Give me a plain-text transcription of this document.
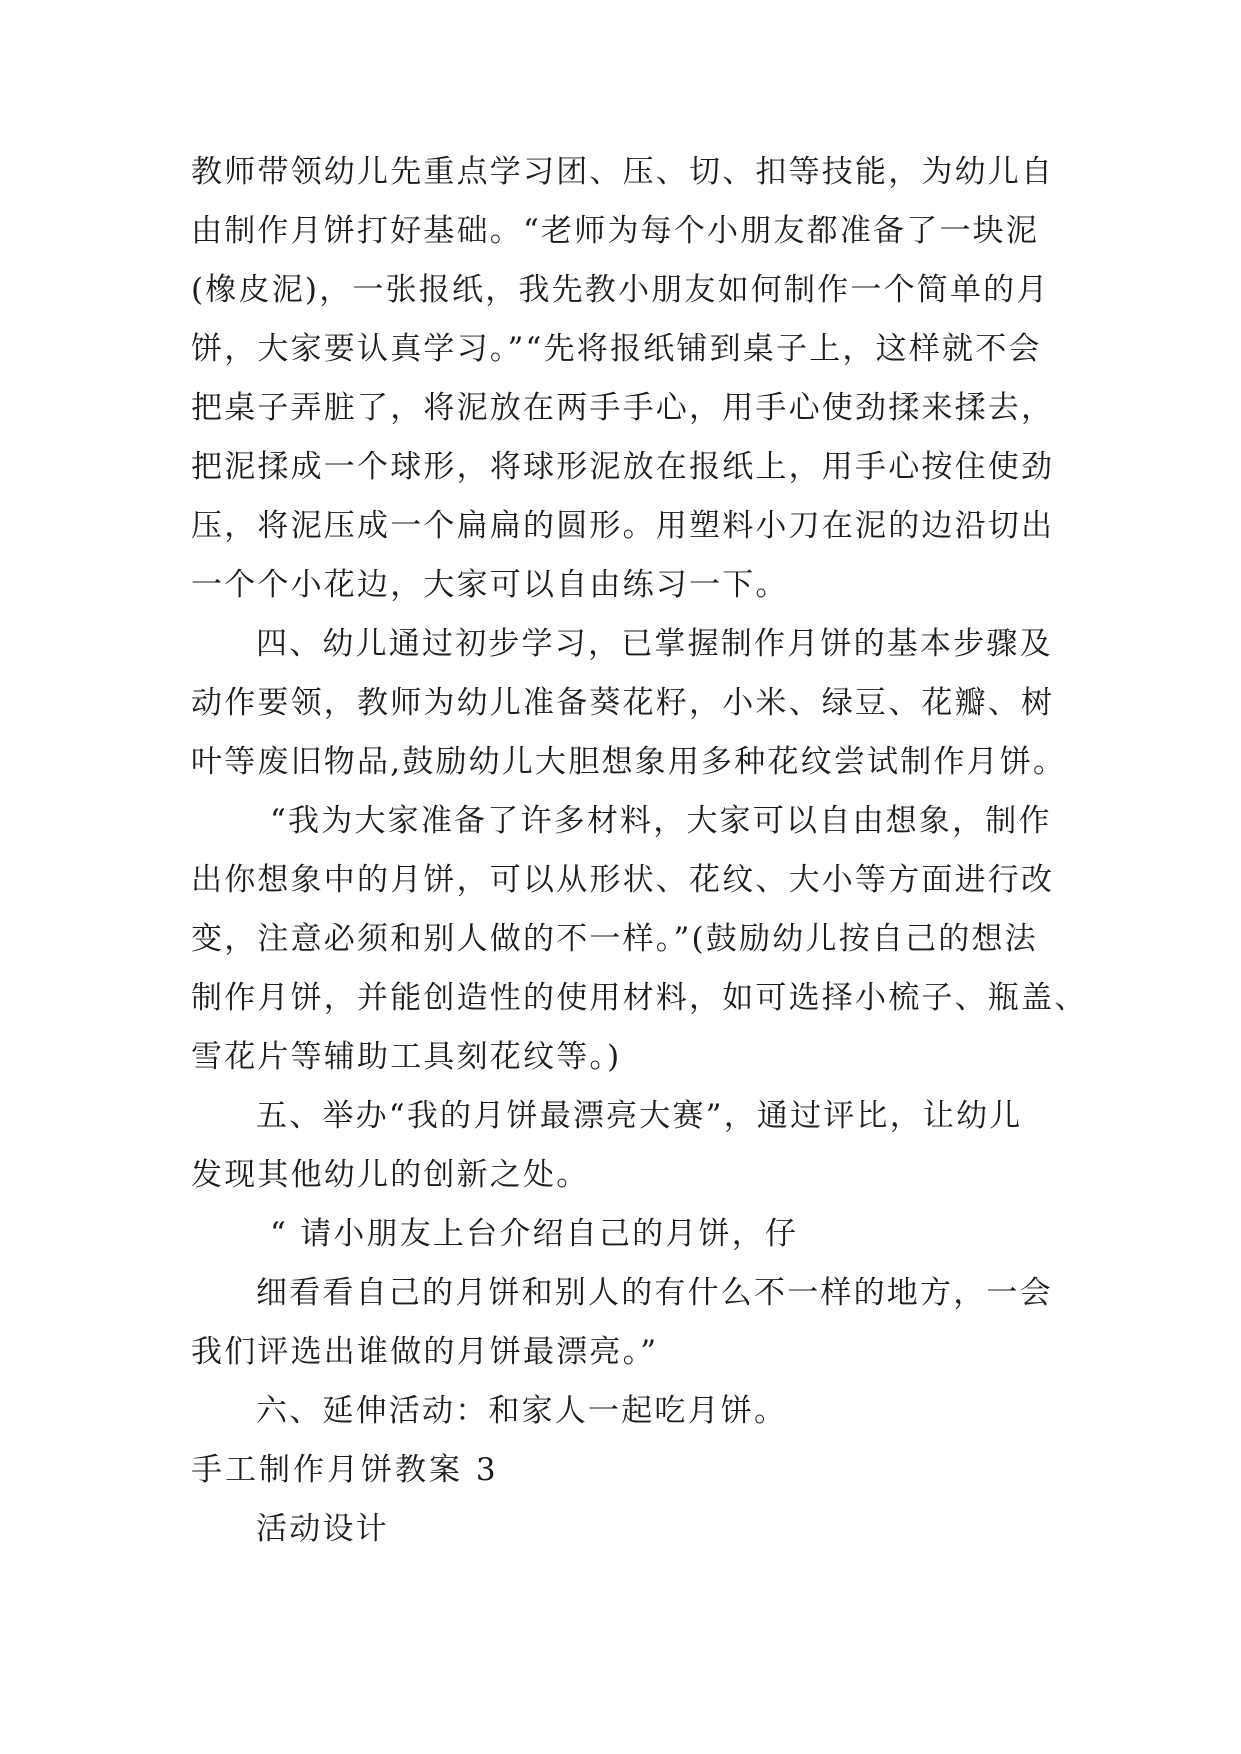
教师带领幼儿先重点学习团、压、切、扣等技能，为幼儿自
由制作月饼打好基础。“老师为每个小朋友都准备了一块泥
(橡皮泥)，一张报纸，我先教小朋友如何制作一个简单的月
饼，大家要认真学习。”“先将报纸铺到桌子上，这样就不会
把桌子弄脏了，将泥放在两手手心，用手心使劲揉来揉去，
把泥揉成一个球形，将球形泥放在报纸上，用手心按住使劲
压，将泥压成一个扁扁的圆形。用塑料小刀在泥的边沿切出
一个个小花边，大家可以自由练习一下。
四、幼儿通过初步学习，已掌握制作月饼的基本步骤及
动作要领，教师为幼儿准备葵花籽，小米、绿豆、花瓣、树
叶等废旧物品,鼓励幼儿大胆想象用多种花纹尝试制作月饼。
“我为大家准备了许多材料，大家可以自由想象，制作
出你想象中的月饼，可以从形状、花纹、大小等方面进行改
变，注意必须和别人做的不一样。”(鼓励幼儿按自己的想法
制作月饼，并能创造性的使用材料，如可选择小梳子、瓶盖、
雪花片等辅助工具刻花纹等。)
五、举办“我的月饼最漂亮大赛”，通过评比，让幼儿
发现其他幼儿的创新之处。
“ 请小朋友上台介绍自己的月饼，仔
细看看自己的月饼和别人的有什么不一样的地方，一会
我们评选出谁做的月饼最漂亮。”
六、延伸活动：和家人一起吃月饼。
手工制作月饼教案 3
活动设计
